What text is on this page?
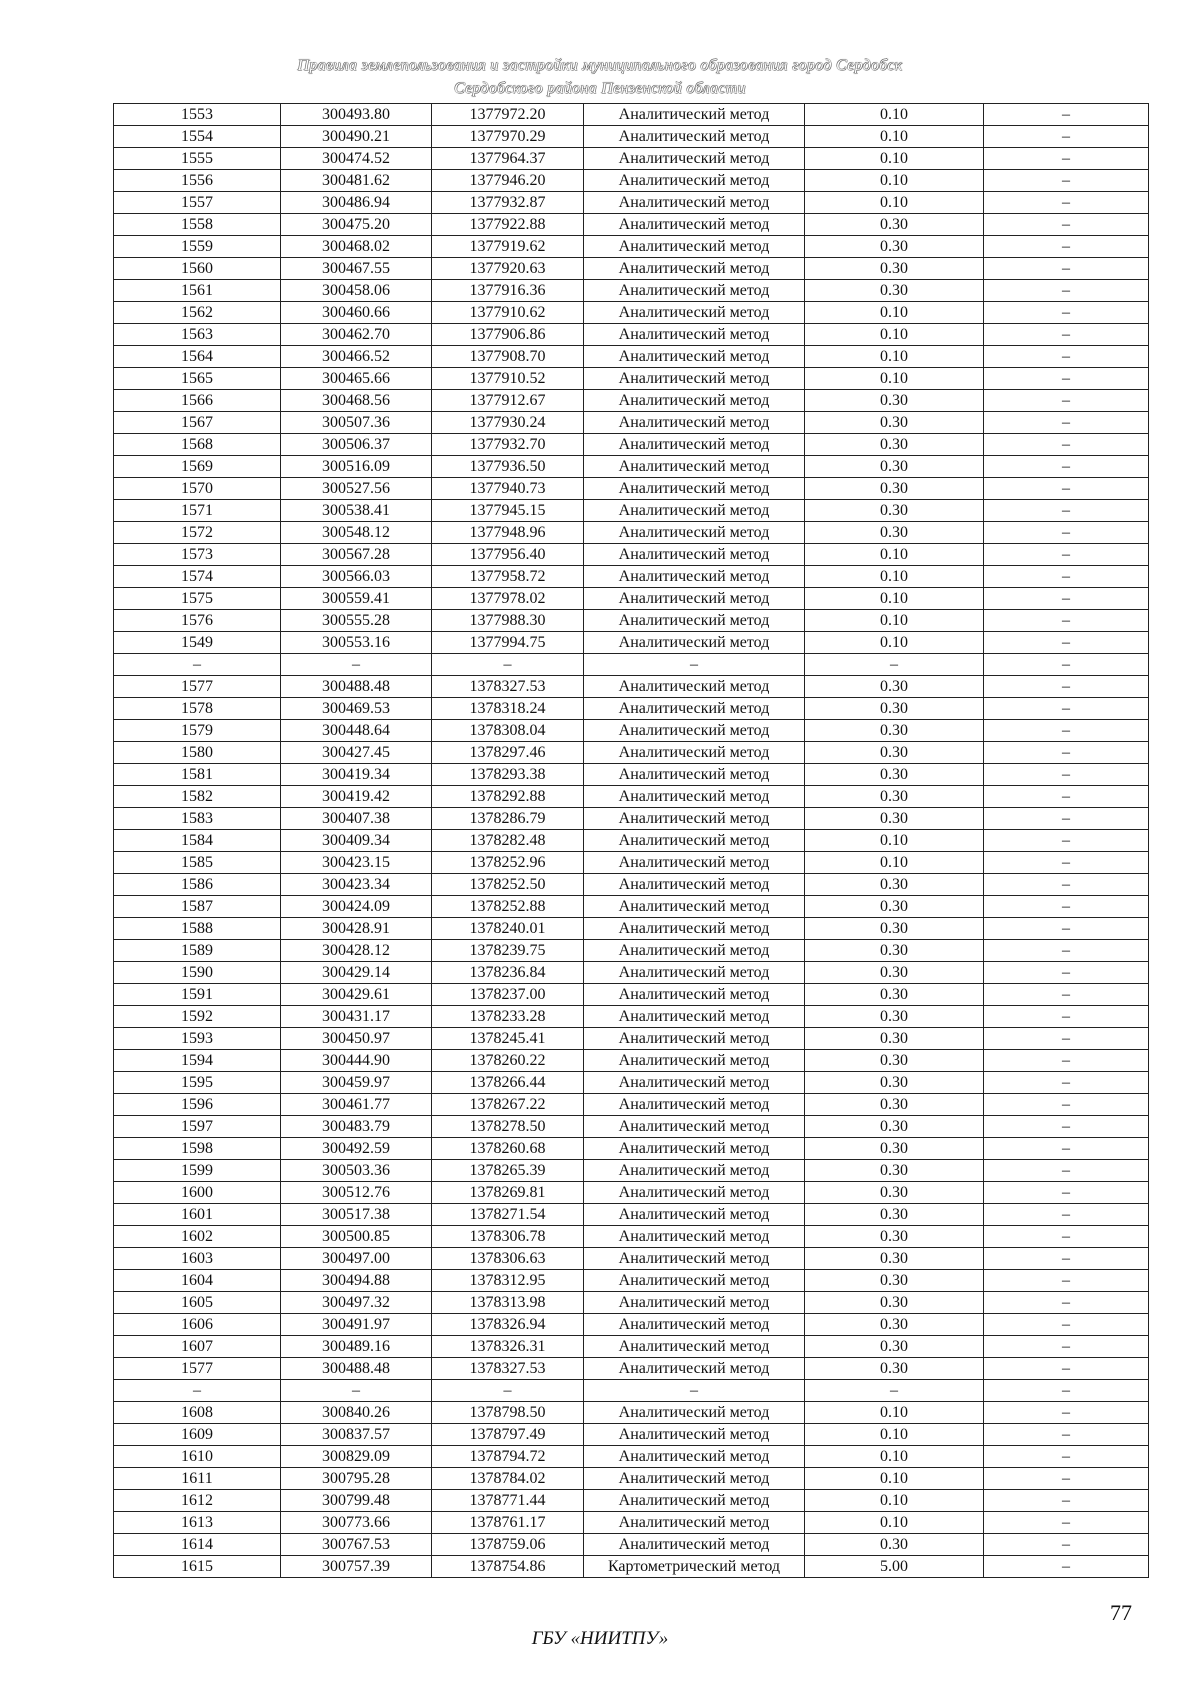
Правила землепользования и застройки муниципального образования город Сердобск
Сердобского района Пензенской области
1553	300493.80	1377972.20	Аналитический метод	0.10	–
1554	300490.21	1377970.29	Аналитический метод	0.10	–
1555	300474.52	1377964.37	Аналитический метод	0.10	–
1556	300481.62	1377946.20	Аналитический метод	0.10	–
1557	300486.94	1377932.87	Аналитический метод	0.10	–
1558	300475.20	1377922.88	Аналитический метод	0.30	–
1559	300468.02	1377919.62	Аналитический метод	0.30	–
1560	300467.55	1377920.63	Аналитический метод	0.30	–
1561	300458.06	1377916.36	Аналитический метод	0.30	–
1562	300460.66	1377910.62	Аналитический метод	0.10	–
1563	300462.70	1377906.86	Аналитический метод	0.10	–
1564	300466.52	1377908.70	Аналитический метод	0.10	–
1565	300465.66	1377910.52	Аналитический метод	0.10	–
1566	300468.56	1377912.67	Аналитический метод	0.30	–
1567	300507.36	1377930.24	Аналитический метод	0.30	–
1568	300506.37	1377932.70	Аналитический метод	0.30	–
1569	300516.09	1377936.50	Аналитический метод	0.30	–
1570	300527.56	1377940.73	Аналитический метод	0.30	–
1571	300538.41	1377945.15	Аналитический метод	0.30	–
1572	300548.12	1377948.96	Аналитический метод	0.30	–
1573	300567.28	1377956.40	Аналитический метод	0.10	–
1574	300566.03	1377958.72	Аналитический метод	0.10	–
1575	300559.41	1377978.02	Аналитический метод	0.10	–
1576	300555.28	1377988.30	Аналитический метод	0.10	–
1549	300553.16	1377994.75	Аналитический метод	0.10	–
–	–	–	–	–	–
1577	300488.48	1378327.53	Аналитический метод	0.30	–
1578	300469.53	1378318.24	Аналитический метод	0.30	–
1579	300448.64	1378308.04	Аналитический метод	0.30	–
1580	300427.45	1378297.46	Аналитический метод	0.30	–
1581	300419.34	1378293.38	Аналитический метод	0.30	–
1582	300419.42	1378292.88	Аналитический метод	0.30	–
1583	300407.38	1378286.79	Аналитический метод	0.30	–
1584	300409.34	1378282.48	Аналитический метод	0.10	–
1585	300423.15	1378252.96	Аналитический метод	0.10	–
1586	300423.34	1378252.50	Аналитический метод	0.30	–
1587	300424.09	1378252.88	Аналитический метод	0.30	–
1588	300428.91	1378240.01	Аналитический метод	0.30	–
1589	300428.12	1378239.75	Аналитический метод	0.30	–
1590	300429.14	1378236.84	Аналитический метод	0.30	–
1591	300429.61	1378237.00	Аналитический метод	0.30	–
1592	300431.17	1378233.28	Аналитический метод	0.30	–
1593	300450.97	1378245.41	Аналитический метод	0.30	–
1594	300444.90	1378260.22	Аналитический метод	0.30	–
1595	300459.97	1378266.44	Аналитический метод	0.30	–
1596	300461.77	1378267.22	Аналитический метод	0.30	–
1597	300483.79	1378278.50	Аналитический метод	0.30	–
1598	300492.59	1378260.68	Аналитический метод	0.30	–
1599	300503.36	1378265.39	Аналитический метод	0.30	–
1600	300512.76	1378269.81	Аналитический метод	0.30	–
1601	300517.38	1378271.54	Аналитический метод	0.30	–
1602	300500.85	1378306.78	Аналитический метод	0.30	–
1603	300497.00	1378306.63	Аналитический метод	0.30	–
1604	300494.88	1378312.95	Аналитический метод	0.30	–
1605	300497.32	1378313.98	Аналитический метод	0.30	–
1606	300491.97	1378326.94	Аналитический метод	0.30	–
1607	300489.16	1378326.31	Аналитический метод	0.30	–
1577	300488.48	1378327.53	Аналитический метод	0.30	–
–	–	–	–	–	–
1608	300840.26	1378798.50	Аналитический метод	0.10	–
1609	300837.57	1378797.49	Аналитический метод	0.10	–
1610	300829.09	1378794.72	Аналитический метод	0.10	–
1611	300795.28	1378784.02	Аналитический метод	0.10	–
1612	300799.48	1378771.44	Аналитический метод	0.10	–
1613	300773.66	1378761.17	Аналитический метод	0.10	–
1614	300767.53	1378759.06	Аналитический метод	0.30	–
1615	300757.39	1378754.86	Картометрический метод	5.00	–
77
ГБУ «НИИТПУ»
